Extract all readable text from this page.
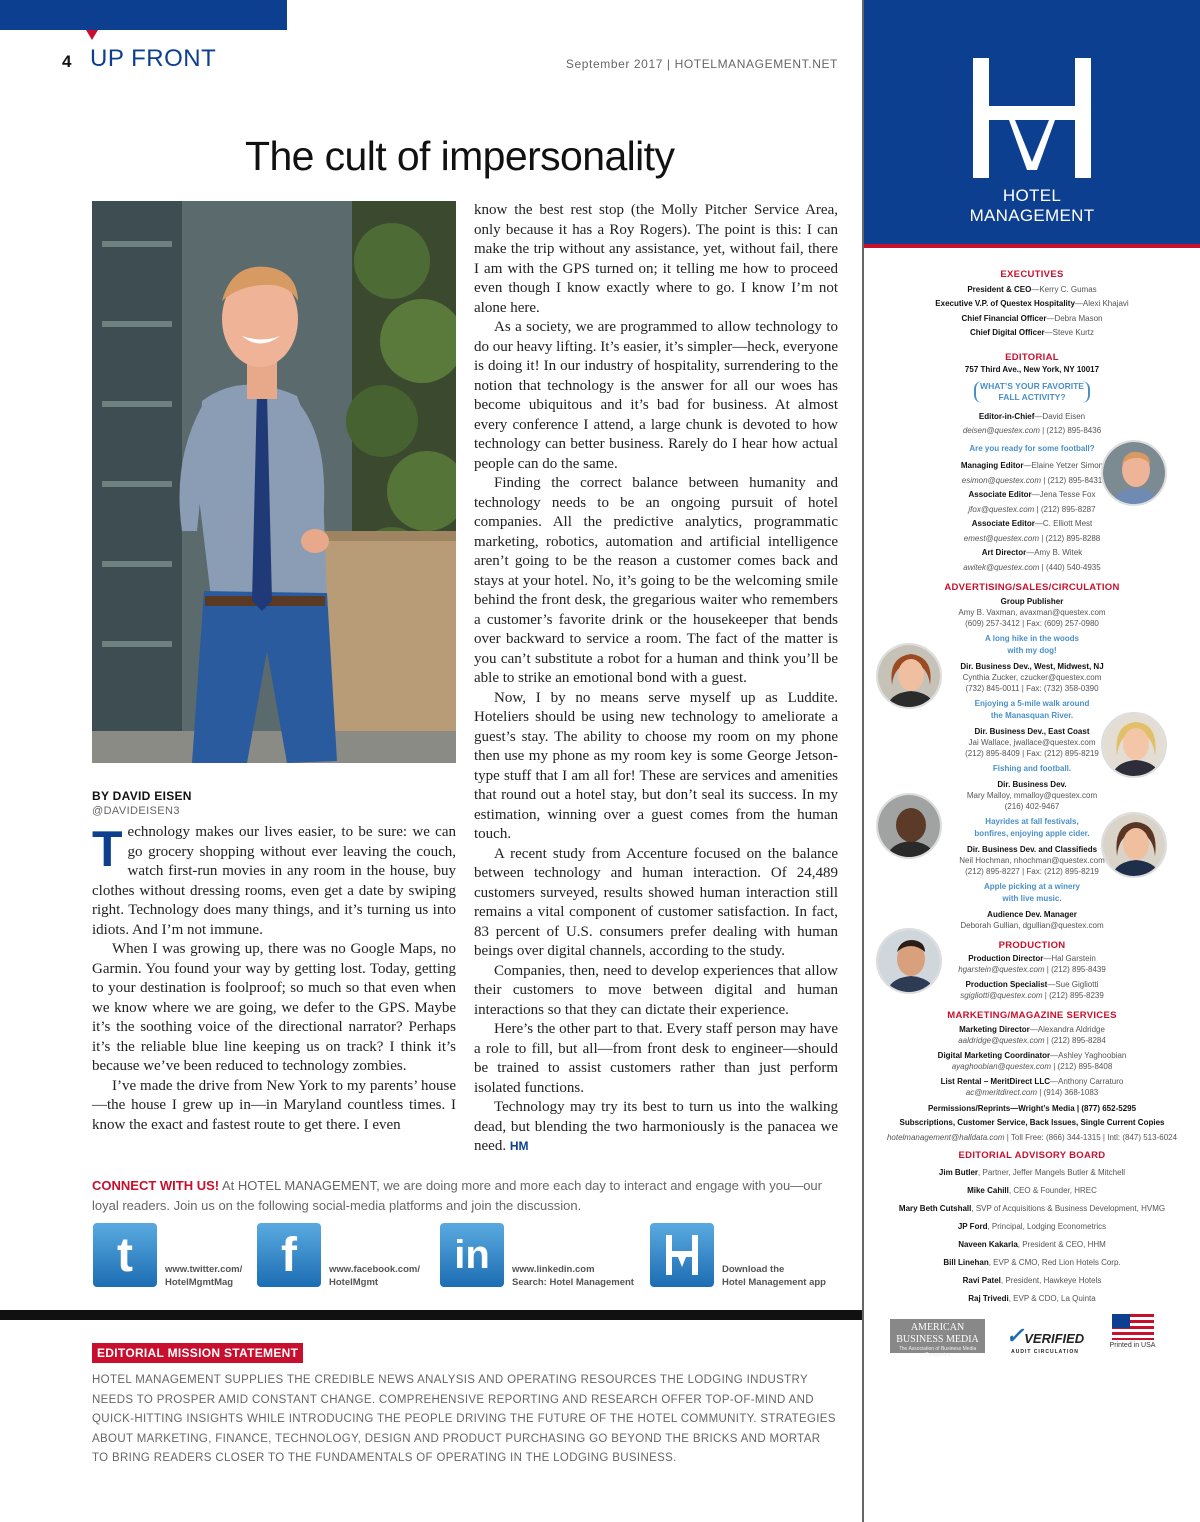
4 UP FRONT	September 2017 | HOTELMANAGEMENT.NET
The cult of impersonality
BY DAVID EISEN
@DAVIDEISEN3

Technology makes our lives easier, to be sure: we can go grocery shopping without ever leaving the couch, watch first-run movies in any room in the house, buy clothes without dressing rooms, even get a date by swiping right. Technology does many things, and it’s turning us into idiots. And I’m not immune.

When I was growing up, there was no Google Maps, no Garmin. You found your way by getting lost. Today, getting to your destination is foolproof; so much so that even when we know where we are going, we defer to the GPS. Maybe it’s the soothing voice of the directional narrator? Perhaps it’s the reliable blue line keeping us on track? I think it’s because we’ve been reduced to technology zombies.

I’ve made the drive from New York to my parents’ house—the house I grew up in—in Maryland countless times. I know the exact and fastest route to get there. I even

know the best rest stop (the Molly Pitcher Service Area, only because it has a Roy Rogers). The point is this: I can make the trip without any assistance, yet, without fail, there I am with the GPS turned on; it telling me how to proceed even though I know exactly where to go. I know I’m not alone here.

As a society, we are programmed to allow technology to do our heavy lifting. It’s easier, it’s simpler—heck, everyone is doing it! In our industry of hospitality, surrendering to the notion that technology is the answer for all our woes has become ubiquitous and it’s bad for business. At almost every conference I attend, a large chunk is devoted to how technology can better business. Rarely do I hear how actual people can do the same.

Finding the correct balance between humanity and technology needs to be an ongoing pursuit of hotel companies. All the predictive analytics, programmatic marketing, robotics, automation and artificial intelligence aren’t going to be the reason a customer comes back and stays at your hotel. No, it’s going to be the welcoming smile behind the front desk, the gregarious waiter who remembers a customer’s favorite drink or the housekeeper that bends over backward to service a room. The fact of the matter is you can’t substitute a robot for a human and think you’ll be able to strike an emotional bond with a guest.

Now, I by no means serve myself up as Luddite. Hoteliers should be using new technology to ameliorate a guest’s stay. The ability to choose my room on my phone then use my phone as my room key is some George Jetson-type stuff that I am all for! These are services and amenities that round out a hotel stay, but don’t seal its success. In my estimation, winning over a guest comes from the human touch.

A recent study from Accenture focused on the balance between technology and human interaction. Of 24,489 customers surveyed, results showed human interaction still remains a vital component of customer satisfaction. In fact, 83 percent of U.S. consumers prefer dealing with human beings over digital channels, according to the study.

Companies, then, need to develop experiences that allow their customers to move between digital and human interactions so that they can dictate their experience.

Here’s the other part to that. Every staff person may have a role to fill, but all—from front desk to engineer—should be trained to assist customers rather than just perform isolated functions.

Technology may try its best to turn us into the walking dead, but blending the two harmoniously is the panacea we need. HM

CONNECT WITH US! At HOTEL MANAGEMENT, we are doing more and more each day to interact and engage with you—our loyal readers. Join us on the following social-media platforms and join the discussion.
t	www.twitter.com/
HotelMgmtMag
f	www.facebook.com/
HotelMgmt
in	www.linkedin.com
Search: Hotel Management
Download the
Hotel Management app
EDITORIAL MISSION STATEMENT
HOTEL MANAGEMENT SUPPLIES THE CREDIBLE NEWS ANALYSIS AND OPERATING RESOURCES THE LODGING INDUSTRY NEEDS TO PROSPER AMID CONSTANT CHANGE. COMPREHENSIVE REPORTING AND RESEARCH OFFER TOP-OF-MIND AND QUICK-HITTING INSIGHTS WHILE INTRODUCING THE PEOPLE DRIVING THE FUTURE OF THE HOTEL COMMUNITY. STRATEGIES ABOUT MARKETING, FINANCE, TECHNOLOGY, DESIGN AND PRODUCT PURCHASING GO BEYOND THE BRICKS AND MORTAR TO BRING READERS CLOSER TO THE FUNDAMENTALS OF OPERATING IN THE LODGING BUSINESS.
HOTEL
MANAGEMENT
EXECUTIVES
President & CEO—Kerry C. Gumas
Executive V.P. of Questex Hospitality—Alexi Khajavi
Chief Financial Officer—Debra Mason
Chief Digital Officer—Steve Kurtz
EDITORIAL
757 Third Ave., New York, NY 10017
WHAT’S YOUR FAVORITE
FALL ACTIVITY?
Editor-in-Chief—David Eisen
deisen@questex.com | (212) 895-8436
Are you ready for some football?
Managing Editor—Elaine Yetzer Simon
esimon@questex.com | (212) 895-8431
Associate Editor—Jena Tesse Fox
jfox@questex.com | (212) 895-8287
Associate Editor—C. Elliott Mest
emest@questex.com | (212) 895-8288
Art Director—Amy B. Witek
awitek@questex.com | (440) 540-4935
ADVERTISING/SALES/CIRCULATION
Group Publisher
Amy B. Vaxman, avaxman@questex.com
(609) 257-3412 | Fax: (609) 257-0980
A long hike in the woods
with my dog!
Dir. Business Dev., West, Midwest, NJ
Cynthia Zucker, czucker@questex.com
(732) 845-0011 | Fax: (732) 358-0390
Enjoying a 5-mile walk around
the Manasquan River.
Dir. Business Dev., East Coast
Jai Wallace, jwallace@questex.com
(212) 895-8409 | Fax: (212) 895-8219
Fishing and football.
Dir. Business Dev.
Mary Malloy, mmalloy@questex.com
(216) 402-9467
Hayrides at fall festivals,
bonfires, enjoying apple cider.
Dir. Business Dev. and Classifieds
Neil Hochman, nhochman@questex.com
(212) 895-8227 | Fax: (212) 895-8219
Apple picking at a winery
with live music.
Audience Dev. Manager
Deborah Gullian, dgullian@questex.com
PRODUCTION
Production Director—Hal Garstein
hgarstein@questex.com | (212) 895-8439
Production Specialist—Sue Gigliotti
sgigliotti@questex.com | (212) 895-8239
MARKETING/MAGAZINE SERVICES
Marketing Director—Alexandra Aldridge
aaldridge@questex.com | (212) 895-8284
Digital Marketing Coordinator—Ashley Yaghoobian
ayaghoobian@questex.com | (212) 895-8408
List Rental – MeritDirect LLC—Anthony Carraturo
ac@meritdirect.com | (914) 368-1083
Permissions/Reprints—Wright’s Media | (877) 652-5295
Subscriptions, Customer Service, Back Issues, Single Current Copies
hotelmanagement@halldata.com | Toll Free: (866) 344-1315 | Intl: (847) 513-6024
EDITORIAL ADVISORY BOARD
Jim Butler, Partner, Jeffer Mangels Butler & Mitchell
Mike Cahill, CEO & Founder, HREC
Mary Beth Cutshall, SVP of Acquisitions & Business Development, HVMG
JP Ford, Principal, Lodging Econometrics
Naveen Kakarla, President & CEO, HHM
Bill Linehan, EVP & CMO, Red Lion Hotels Corp.
Ravi Patel, President, Hawkeye Hotels
Raj Trivedi, EVP & CDO, La Quinta
AMERICAN
BUSINESS MEDIA
The Association of Business Media Companies
✓VERIFIED
AUDIT CIRCULATION
Printed in USA
